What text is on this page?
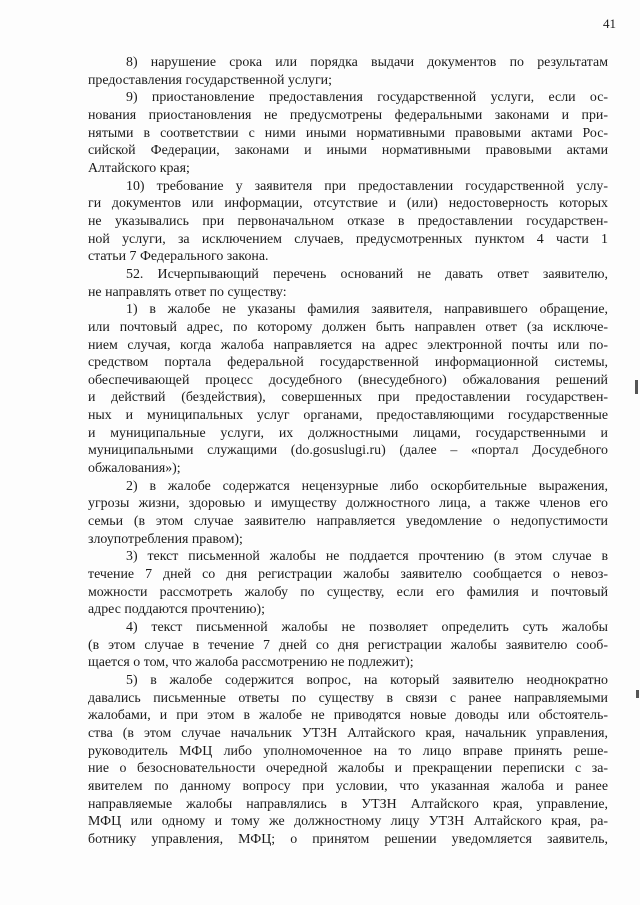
41
8) нарушение срока или порядка выдачи документов по результатам
предоставления государственной услуги;
9) приостановление предоставления государственной услуги, если ос-
нования приостановления не предусмотрены федеральными законами и при-
нятыми в соответствии с ними иными нормативными правовыми актами Рос-
сийской Федерации, законами и иными нормативными правовыми актами
Алтайского края;
10) требование у заявителя при предоставлении государственной услу-
ги документов или информации, отсутствие и (или) недостоверность которых
не указывались при первоначальном отказе в предоставлении государствен-
ной услуги, за исключением случаев, предусмотренных пунктом 4 части 1
статьи 7 Федерального закона.
52. Исчерпывающий перечень оснований не давать ответ заявителю,
не направлять ответ по существу:
1) в жалобе не указаны фамилия заявителя, направившего обращение,
или почтовый адрес, по которому должен быть направлен ответ (за исключе-
нием случая, когда жалоба направляется на адрес электронной почты или по-
средством портала федеральной государственной информационной системы,
обеспечивающей процесс досудебного (внесудебного) обжалования решений
и действий (бездействия), совершенных при предоставлении государствен-
ных и муниципальных услуг органами, предоставляющими государственные
и муниципальные услуги, их должностными лицами, государственными и
муниципальными служащими (do.gosuslugi.ru) (далее – «портал Досудебного
обжалования»);
2) в жалобе содержатся нецензурные либо оскорбительные выражения,
угрозы жизни, здоровью и имуществу должностного лица, а также членов его
семьи (в этом случае заявителю направляется уведомление о недопустимости
злоупотребления правом);
3) текст письменной жалобы не поддается прочтению (в этом случае в
течение 7 дней со дня регистрации жалобы заявителю сообщается о невоз-
можности рассмотреть жалобу по существу, если его фамилия и почтовый
адрес поддаются прочтению);
4) текст письменной жалобы не позволяет определить суть жалобы
(в этом случае в течение 7 дней со дня регистрации жалобы заявителю сооб-
щается о том, что жалоба рассмотрению не подлежит);
5) в жалобе содержится вопрос, на который заявителю неоднократно
давались письменные ответы по существу в связи с ранее направляемыми
жалобами, и при этом в жалобе не приводятся новые доводы или обстоятель-
ства (в этом случае начальник УТЗН Алтайского края, начальник управления,
руководитель МФЦ либо уполномоченное на то лицо вправе принять реше-
ние о безосновательности очередной жалобы и прекращении переписки с за-
явителем по данному вопросу при условии, что указанная жалоба и ранее
направляемые жалобы направлялись в УТЗН Алтайского края, управление,
МФЦ или одному и тому же должностному лицу УТЗН Алтайского края, ра-
ботнику управления, МФЦ; о принятом решении уведомляется заявитель,
